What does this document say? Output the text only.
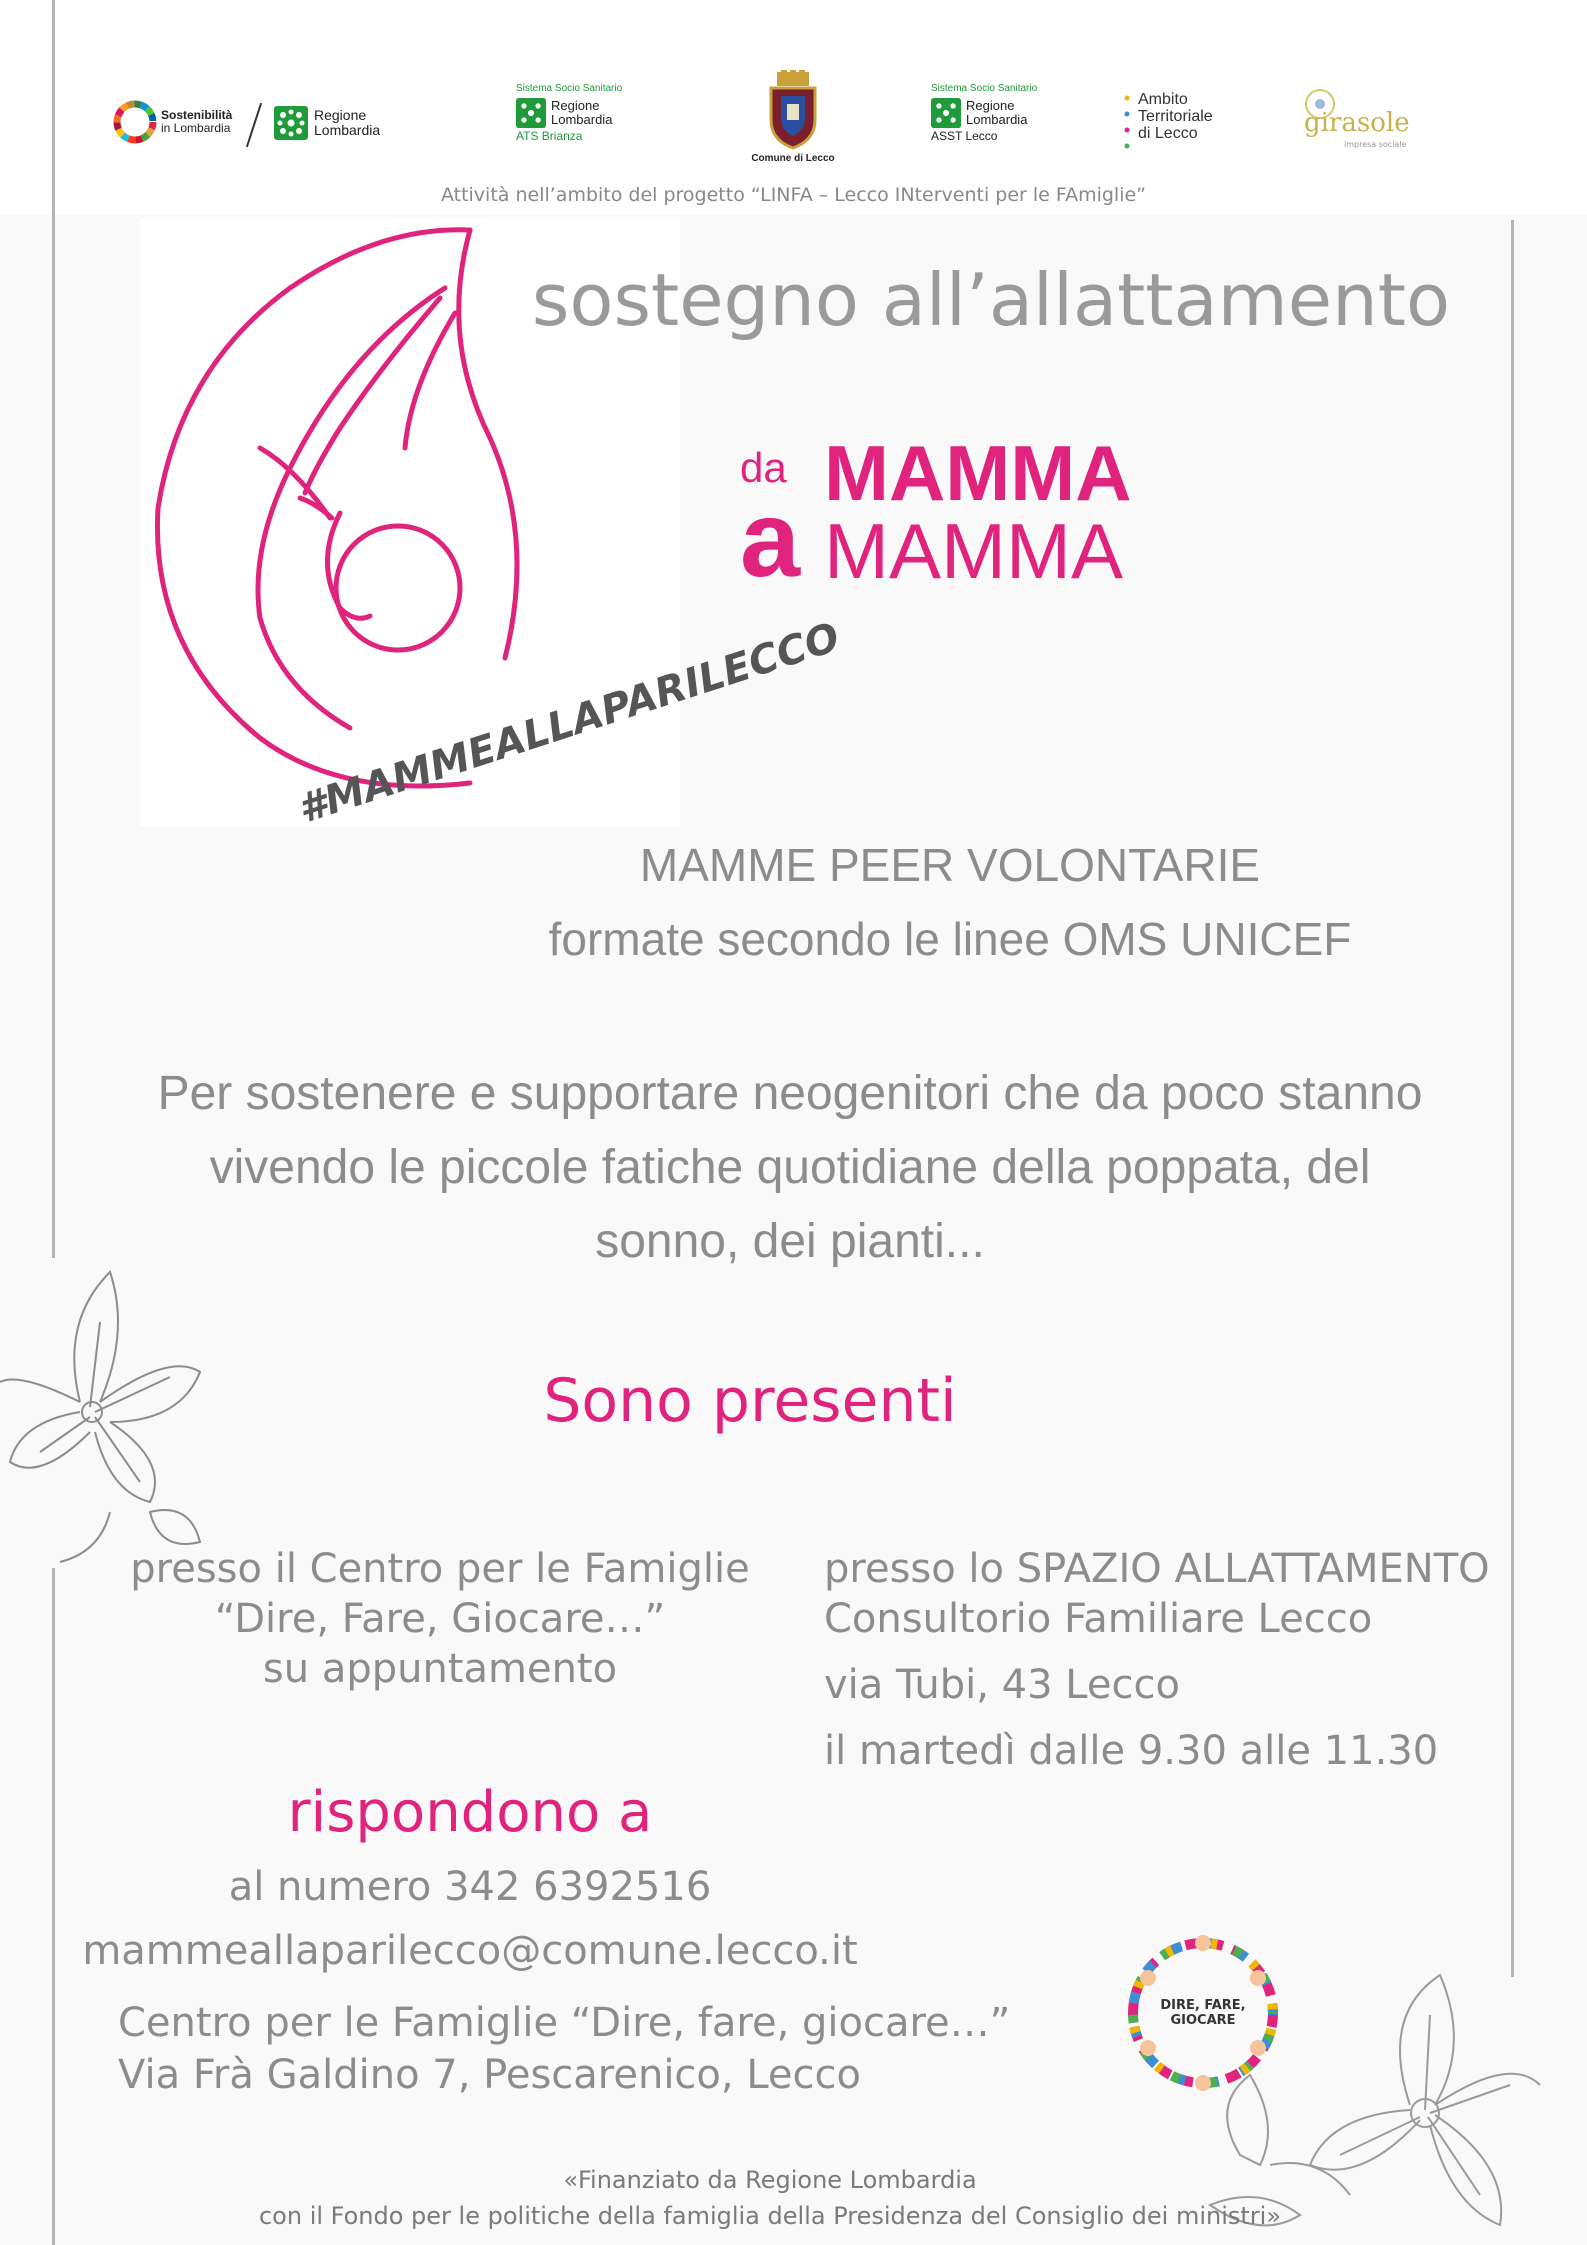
Sostenibilità
in Lombardia
Regione
Lombardia
Sistema Socio Sanitario
Regione
Lombardia
ATS Brianza
Comune di Lecco
Sistema Socio Sanitario
Regione
Lombardia
ASST Lecco
Ambito
Territoriale
di Lecco	girasole
impresa sociale
Attività nell’ambito del progetto “LINFA – Lecco INterventi per le FAmiglie”
#MAMMEALLAPARILECCO
sostegno all’allattamento
da MAMMA
a MAMMA
MAMME PEER VOLONTARIE
formate secondo le linee OMS UNICEF
Per sostenere e supportare neogenitori che da poco stanno
vivendo le piccole fatiche quotidiane della poppata, del
sonno, dei pianti...
Sono presenti
presso il Centro per le Famiglie
“Dire, Fare, Giocare…”
su appuntamento
presso lo SPAZIO ALLATTAMENTO
Consultorio Familiare Lecco
via Tubi, 43 Lecco
il martedì dalle 9.30 alle 11.30
rispondono a
al numero 342 6392516
mammeallaparilecco@comune.lecco.it
Centro per le Famiglie “Dire, fare, giocare…”
Via Frà Galdino 7, Pescarenico, Lecco
DIRE, FARE, GIOCARE
«Finanziato da Regione Lombardia
con il Fondo per le politiche della famiglia della Presidenza del Consiglio dei ministri»
